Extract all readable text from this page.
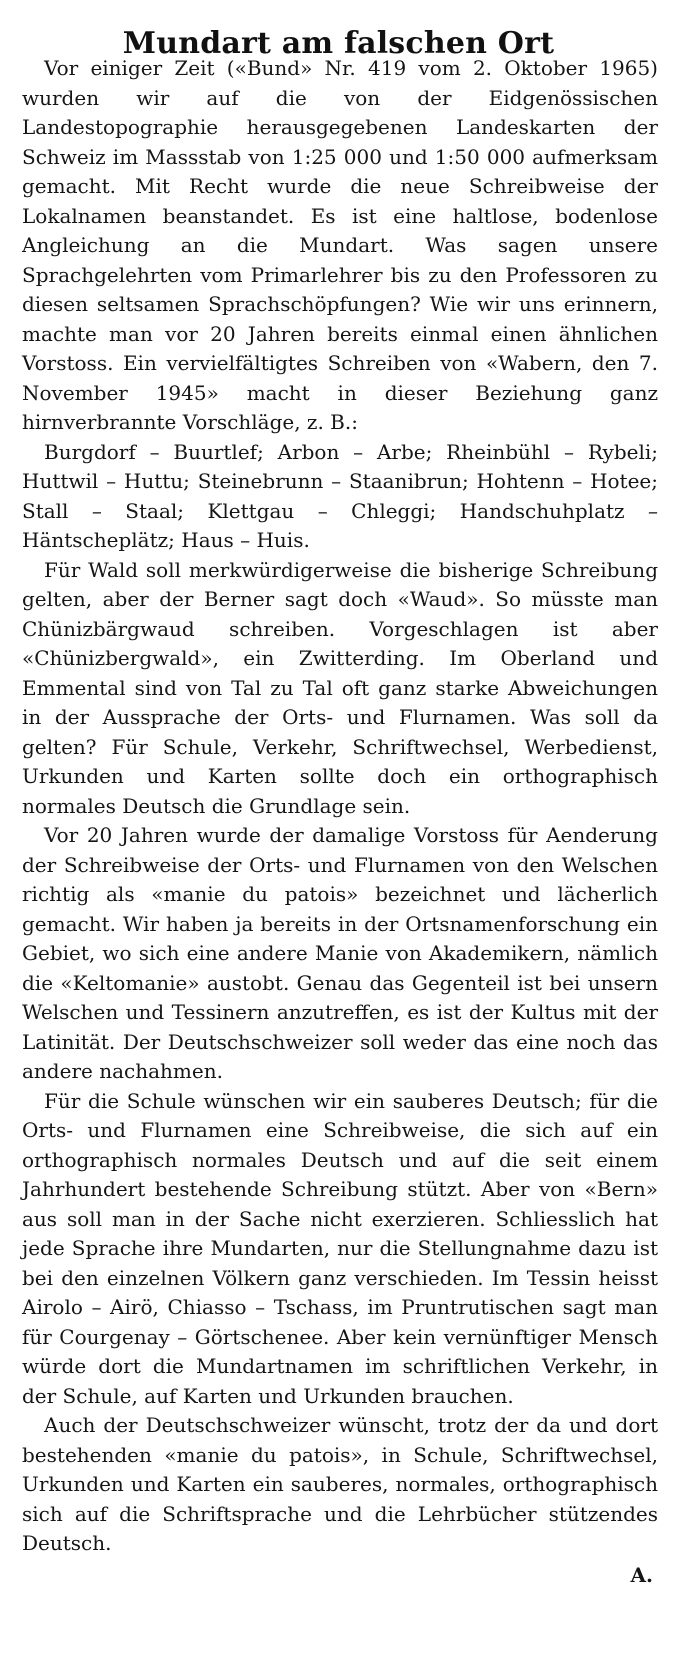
Mundart am falschen Ort

Vor einiger Zeit («Bund» Nr. 419 vom 2. Oktober 1965) wurden wir auf die von der Eidgenössischen Landestopographie herausgegebenen Landeskarten der Schweiz im Massstab von 1:25 000 und 1:50 000 aufmerksam gemacht. Mit Recht wurde die neue Schreibweise der Lokalnamen beanstandet. Es ist eine haltlose, bodenlose Angleichung an die Mundart. Was sagen unsere Sprachgelehrten vom Primarlehrer bis zu den Professoren zu diesen seltsamen Sprachschöpfungen? Wie wir uns erinnern, machte man vor 20 Jahren bereits einmal einen ähnlichen Vorstoss. Ein vervielfältigtes Schreiben von «Wabern, den 7. November 1945» macht in dieser Beziehung ganz hirnverbrannte Vorschläge, z. B.:

Burgdorf – Buurtlef; Arbon – Arbe; Rheinbühl – Rybeli; Huttwil – Huttu; Steinebrunn – Staanibrun; Hohtenn – Hotee; Stall – Staal; Klettgau – Chleggi; Handschuhplatz – Häntscheplätz; Haus – Huis.

Für Wald soll merkwürdigerweise die bisherige Schreibung gelten, aber der Berner sagt doch «Waud». So müsste man Chünizbärgwaud schreiben. Vorgeschlagen ist aber «Chünizbergwald», ein Zwitterding. Im Oberland und Emmental sind von Tal zu Tal oft ganz starke Abweichungen in der Aussprache der Orts- und Flurnamen. Was soll da gelten? Für Schule, Verkehr, Schriftwechsel, Werbedienst, Urkunden und Karten sollte doch ein orthographisch normales Deutsch die Grundlage sein.

Vor 20 Jahren wurde der damalige Vorstoss für Aenderung der Schreibweise der Orts- und Flurnamen von den Welschen richtig als «manie du patois» bezeichnet und lächerlich gemacht. Wir haben ja bereits in der Ortsnamenforschung ein Gebiet, wo sich eine andere Manie von Akademikern, nämlich die «Keltomanie» austobt. Genau das Gegenteil ist bei unsern Welschen und Tessinern anzutreffen, es ist der Kultus mit der Latinität. Der Deutschschweizer soll weder das eine noch das andere nachahmen.

Für die Schule wünschen wir ein sauberes Deutsch; für die Orts- und Flurnamen eine Schreibweise, die sich auf ein orthographisch normales Deutsch und auf die seit einem Jahrhundert bestehende Schreibung stützt. Aber von «Bern» aus soll man in der Sache nicht exerzieren. Schliesslich hat jede Sprache ihre Mundarten, nur die Stellungnahme dazu ist bei den einzelnen Völkern ganz verschieden. Im Tessin heisst Airolo – Airö, Chiasso – Tschass, im Pruntrutischen sagt man für Courgenay – Görtschenee. Aber kein vernünftiger Mensch würde dort die Mundartnamen im schriftlichen Verkehr, in der Schule, auf Karten und Urkunden brauchen.

Auch der Deutschschweizer wünscht, trotz der da und dort bestehenden «manie du patois», in Schule, Schriftwechsel, Urkunden und Karten ein sauberes, normales, orthographisch sich auf die Schriftsprache und die Lehrbücher stützendes Deutsch.

A.
